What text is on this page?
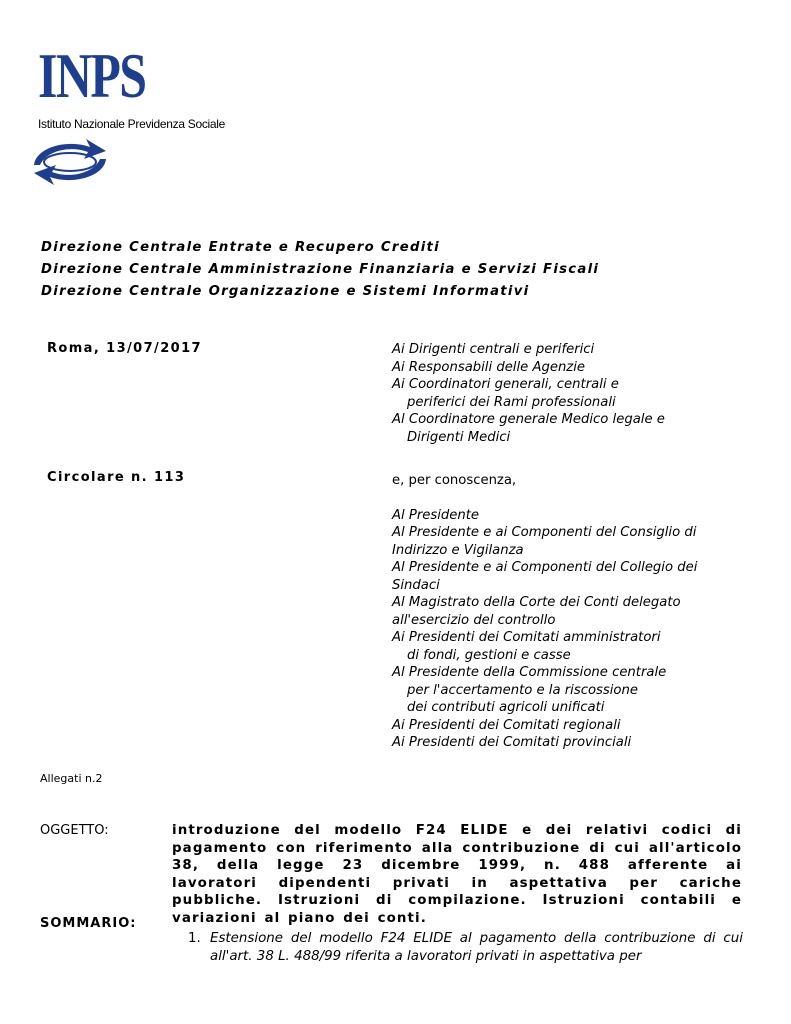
INPS
Istituto Nazionale Previdenza Sociale
Direzione Centrale Entrate e Recupero Crediti
Direzione Centrale Amministrazione Finanziaria e Servizi Fiscali
Direzione Centrale Organizzazione e Sistemi Informativi
Roma, 13/07/2017
Circolare n. 113
Ai Dirigenti centrali e periferici
Ai Responsabili delle Agenzie
Ai Coordinatori generali, centrali e
periferici dei Rami professionali
Al Coordinatore generale Medico legale e
Dirigenti Medici
e, per conoscenza,
Al Presidente
Al Presidente e ai Componenti del Consiglio di
Indirizzo e Vigilanza
Al Presidente e ai Componenti del Collegio dei
Sindaci
Al Magistrato della Corte dei Conti delegato
all'esercizio del controllo
Ai Presidenti dei Comitati amministratori
di fondi, gestioni e casse
Al Presidente della Commissione centrale
per l'accertamento e la riscossione
dei contributi agricoli unificati
Ai Presidenti dei Comitati regionali
Ai Presidenti dei Comitati provinciali
Allegati n.2
OGGETTO:	introduzione del modello F24 ELIDE e dei relativi codici di pagamento con riferimento alla contribuzione di cui all'articolo 38, della legge 23 dicembre 1999, n. 488 afferente ai lavoratori dipendenti privati in aspettativa per cariche pubbliche. Istruzioni di compilazione. Istruzioni contabili e variazioni al piano dei conti.
SOMMARIO:
1. Estensione del modello F24 ELIDE al pagamento della contribuzione di cui all'art. 38 L. 488/99 riferita a lavoratori privati in aspettativa per
